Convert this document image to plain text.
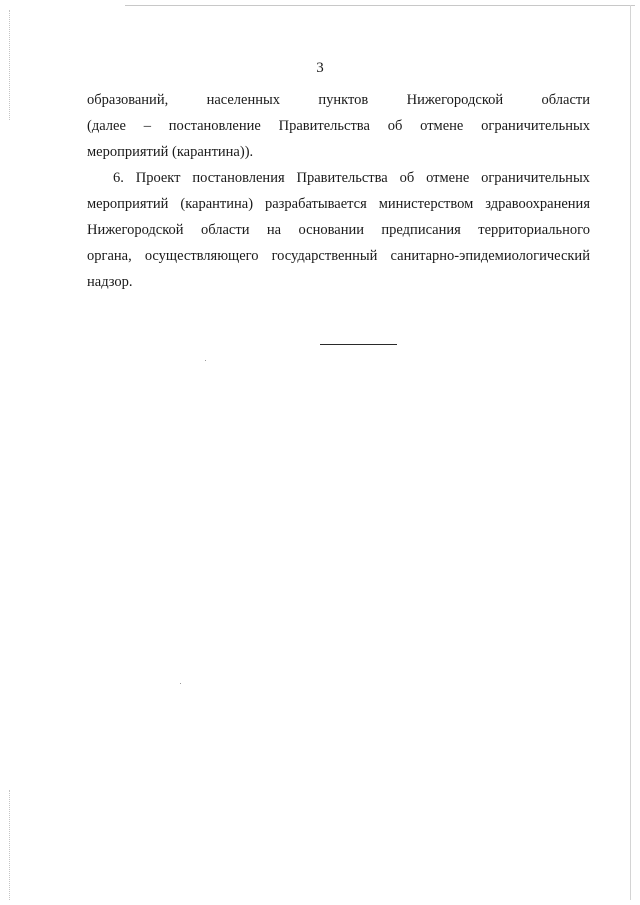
3
образований,	населенных	пунктов	Нижегородской	области
(далее – постановление Правительства об отмене ограничительных
мероприятий (карантина)).
6. Проект постановления Правительства об отмене ограничительных
мероприятий (карантина) разрабатывается министерством здравоохранения
Нижегородской области на основании предписания территориального
органа, осуществляющего государственный санитарно-эпидемиологический
надзор.
